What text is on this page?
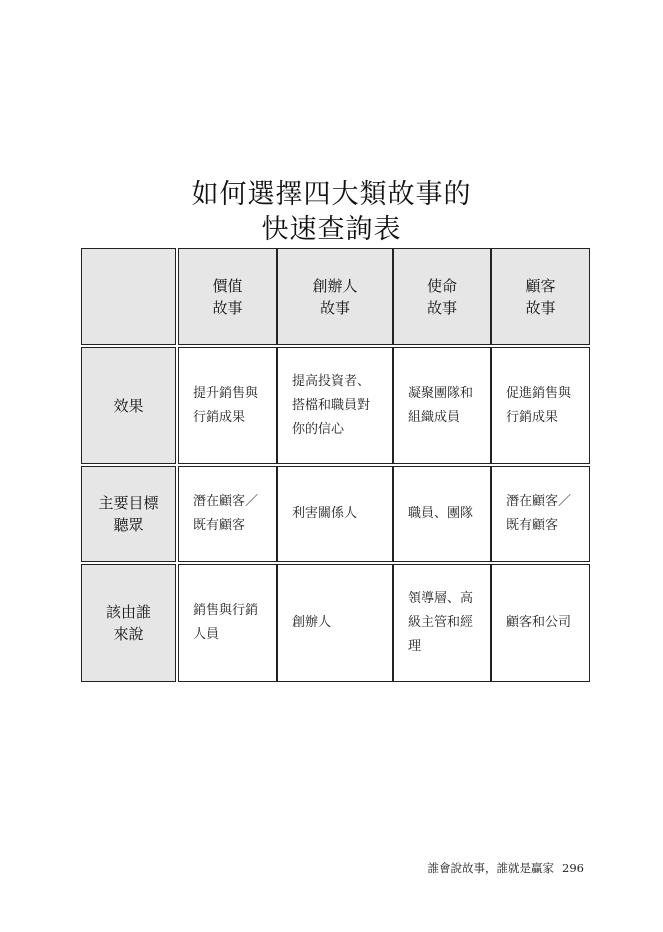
如何選擇四大類故事的
快速查詢表
價值
故事
創辦人
故事
使命
故事
顧客
故事
效果
提升銷售與
行銷成果
提高投資者、
搭檔和職員對
你的信心
凝聚團隊和
組織成員
促進銷售與
行銷成果
主要目標
聽眾
潛在顧客／
既有顧客
利害關係人	職員、團隊
潛在顧客／
既有顧客
該由誰
來說
銷售與行銷
人員
創辦人
領導層、高
級主管和經
理
顧客和公司
誰會說故事，誰就是贏家 296
